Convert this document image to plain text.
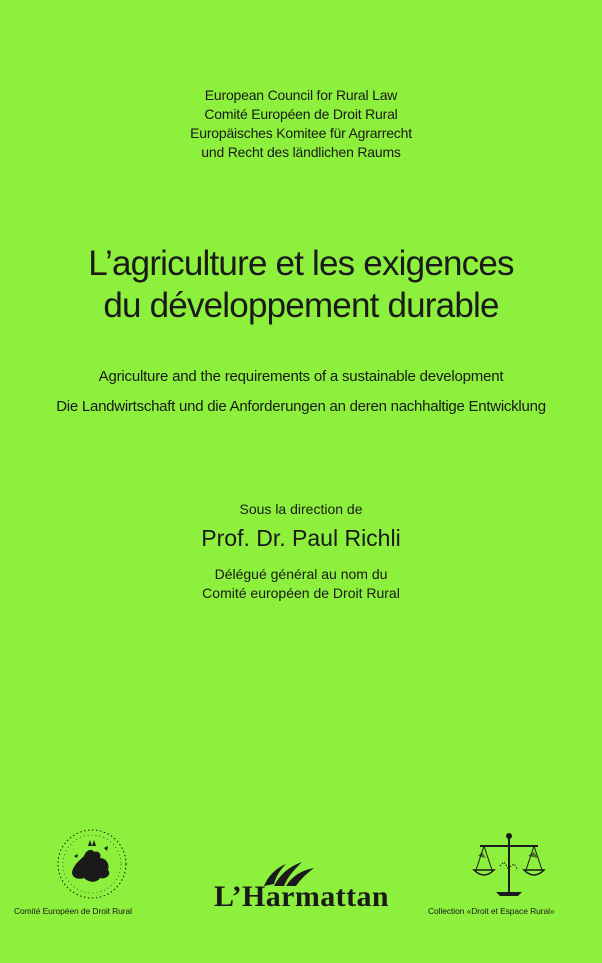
European Council for Rural Law
Comité Européen de Droit Rural
Europäisches Komitee für Agrarrecht
und Recht des ländlichen Raums
L’agriculture et les exigences
du développement durable
Agriculture and the requirements of a sustainable development
Die Landwirtschaft und die Anforderungen an deren nachhaltige Entwicklung
Sous la direction de
Prof. Dr. Paul Richli
Délégué général au nom du
Comité européen de Droit Rural
Comité Européen de Droit Rural	L’Harmattan	Collection «Droit et Espace Rural»
